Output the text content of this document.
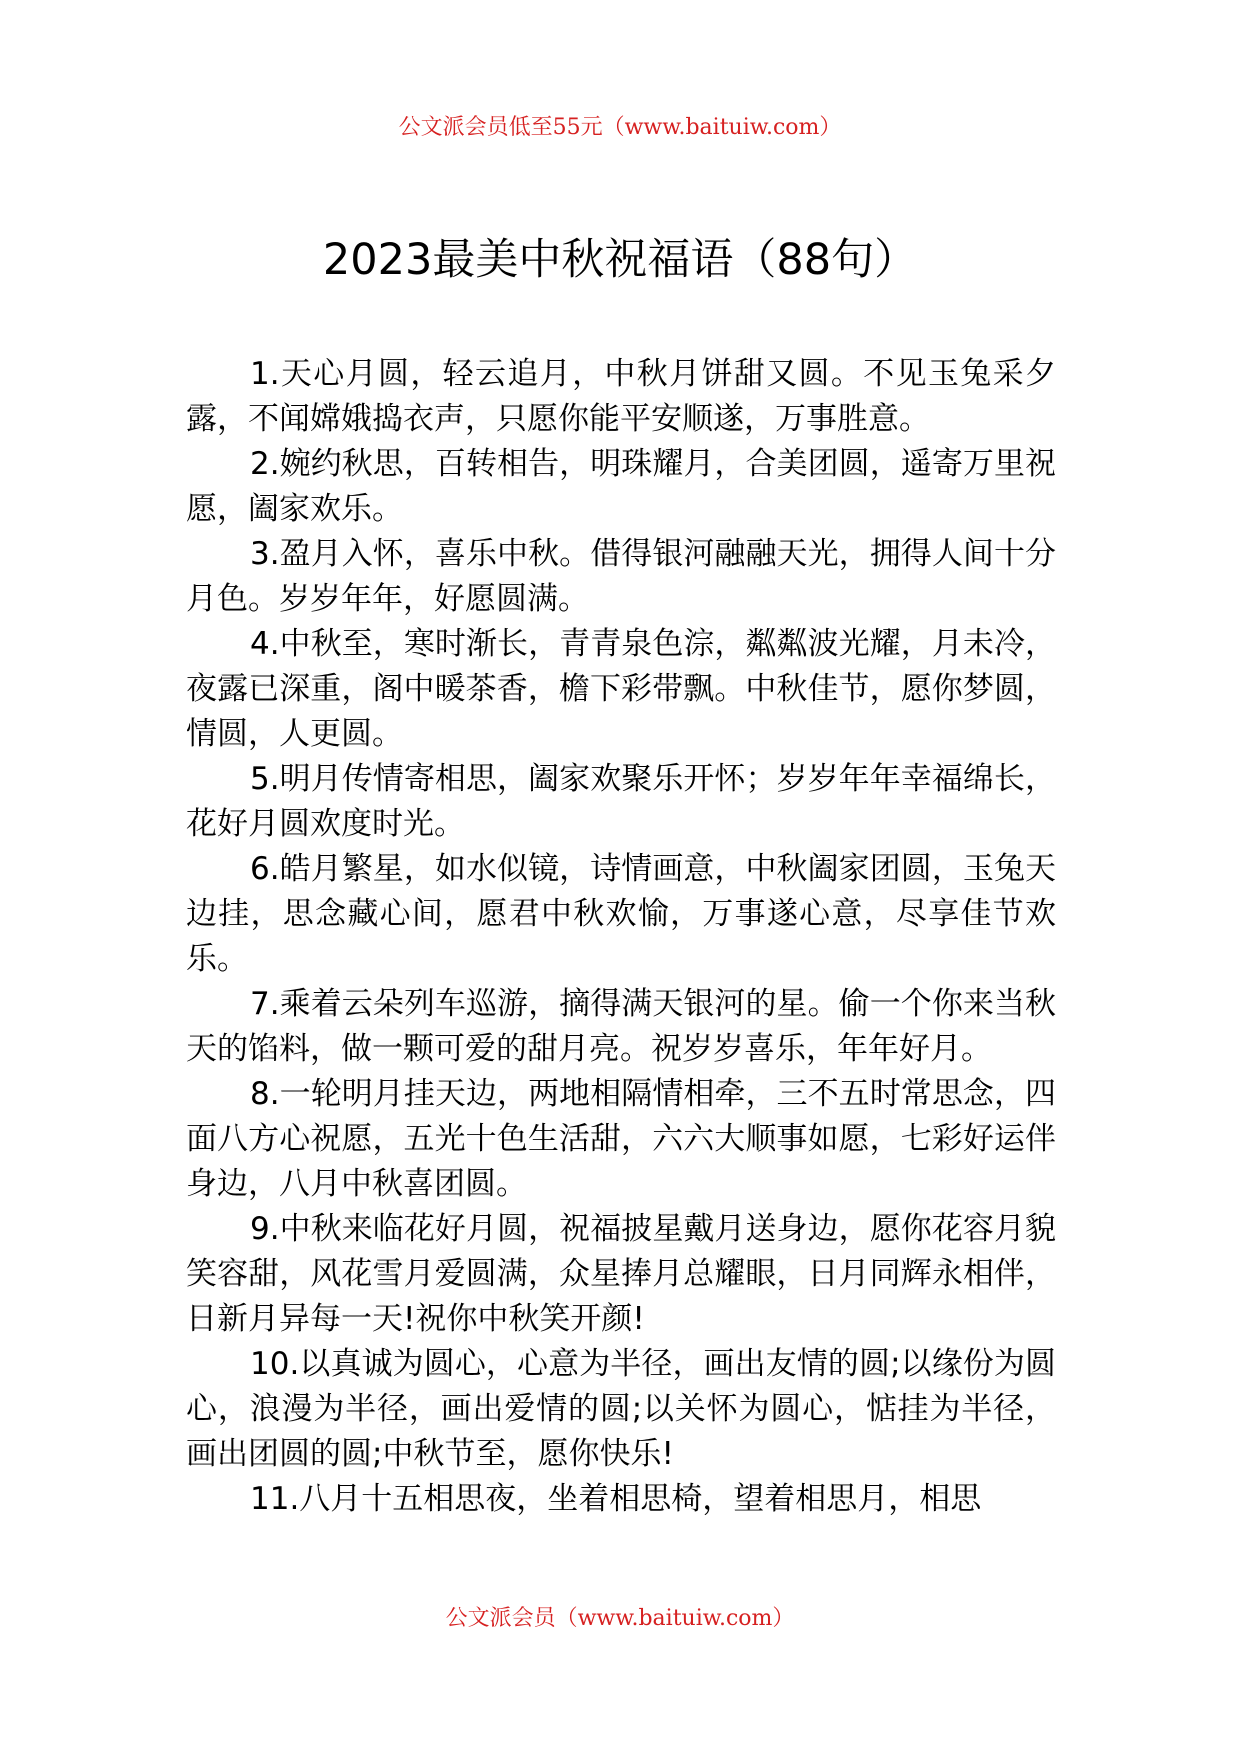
公文派会员低至55元（www.baituiw.com）
2023最美中秋祝福语（88句）

1.天心月圆，轻云追月，中秋月饼甜又圆。不见玉兔采夕露，不闻嫦娥捣衣声，只愿你能平安顺遂，万事胜意。

2.婉约秋思，百转相告，明珠耀月，合美团圆，遥寄万里祝愿，阖家欢乐。

3.盈月入怀，喜乐中秋。借得银河融融天光，拥得人间十分月色。岁岁年年，好愿圆满。

4.中秋至，寒时渐长，青青泉色淙，粼粼波光耀，月未冷，夜露已深重，阁中暖茶香，檐下彩带飘。中秋佳节，愿你梦圆，情圆，人更圆。

5.明月传情寄相思，阖家欢聚乐开怀；岁岁年年幸福绵长，花好月圆欢度时光。

6.皓月繁星，如水似镜，诗情画意，中秋阖家团圆，玉兔天边挂，思念藏心间，愿君中秋欢愉，万事遂心意，尽享佳节欢乐。

7.乘着云朵列车巡游，摘得满天银河的星。偷一个你来当秋天的馅料，做一颗可爱的甜月亮。祝岁岁喜乐，年年好月。

8.一轮明月挂天边，两地相隔情相牵，三不五时常思念，四面八方心祝愿，五光十色生活甜，六六大顺事如愿，七彩好运伴身边，八月中秋喜团圆。

9.中秋来临花好月圆，祝福披星戴月送身边，愿你花容月貌笑容甜，风花雪月爱圆满，众星捧月总耀眼，日月同辉永相伴，日新月异每一天!祝你中秋笑开颜!

10.以真诚为圆心，心意为半径，画出友情的圆;以缘份为圆心，浪漫为半径，画出爱情的圆;以关怀为圆心，惦挂为半径，画出团圆的圆;中秋节至，愿你快乐!

11.八月十五相思夜，坐着相思椅，望着相思月，相思

公文派会员（www.baituiw.com）
